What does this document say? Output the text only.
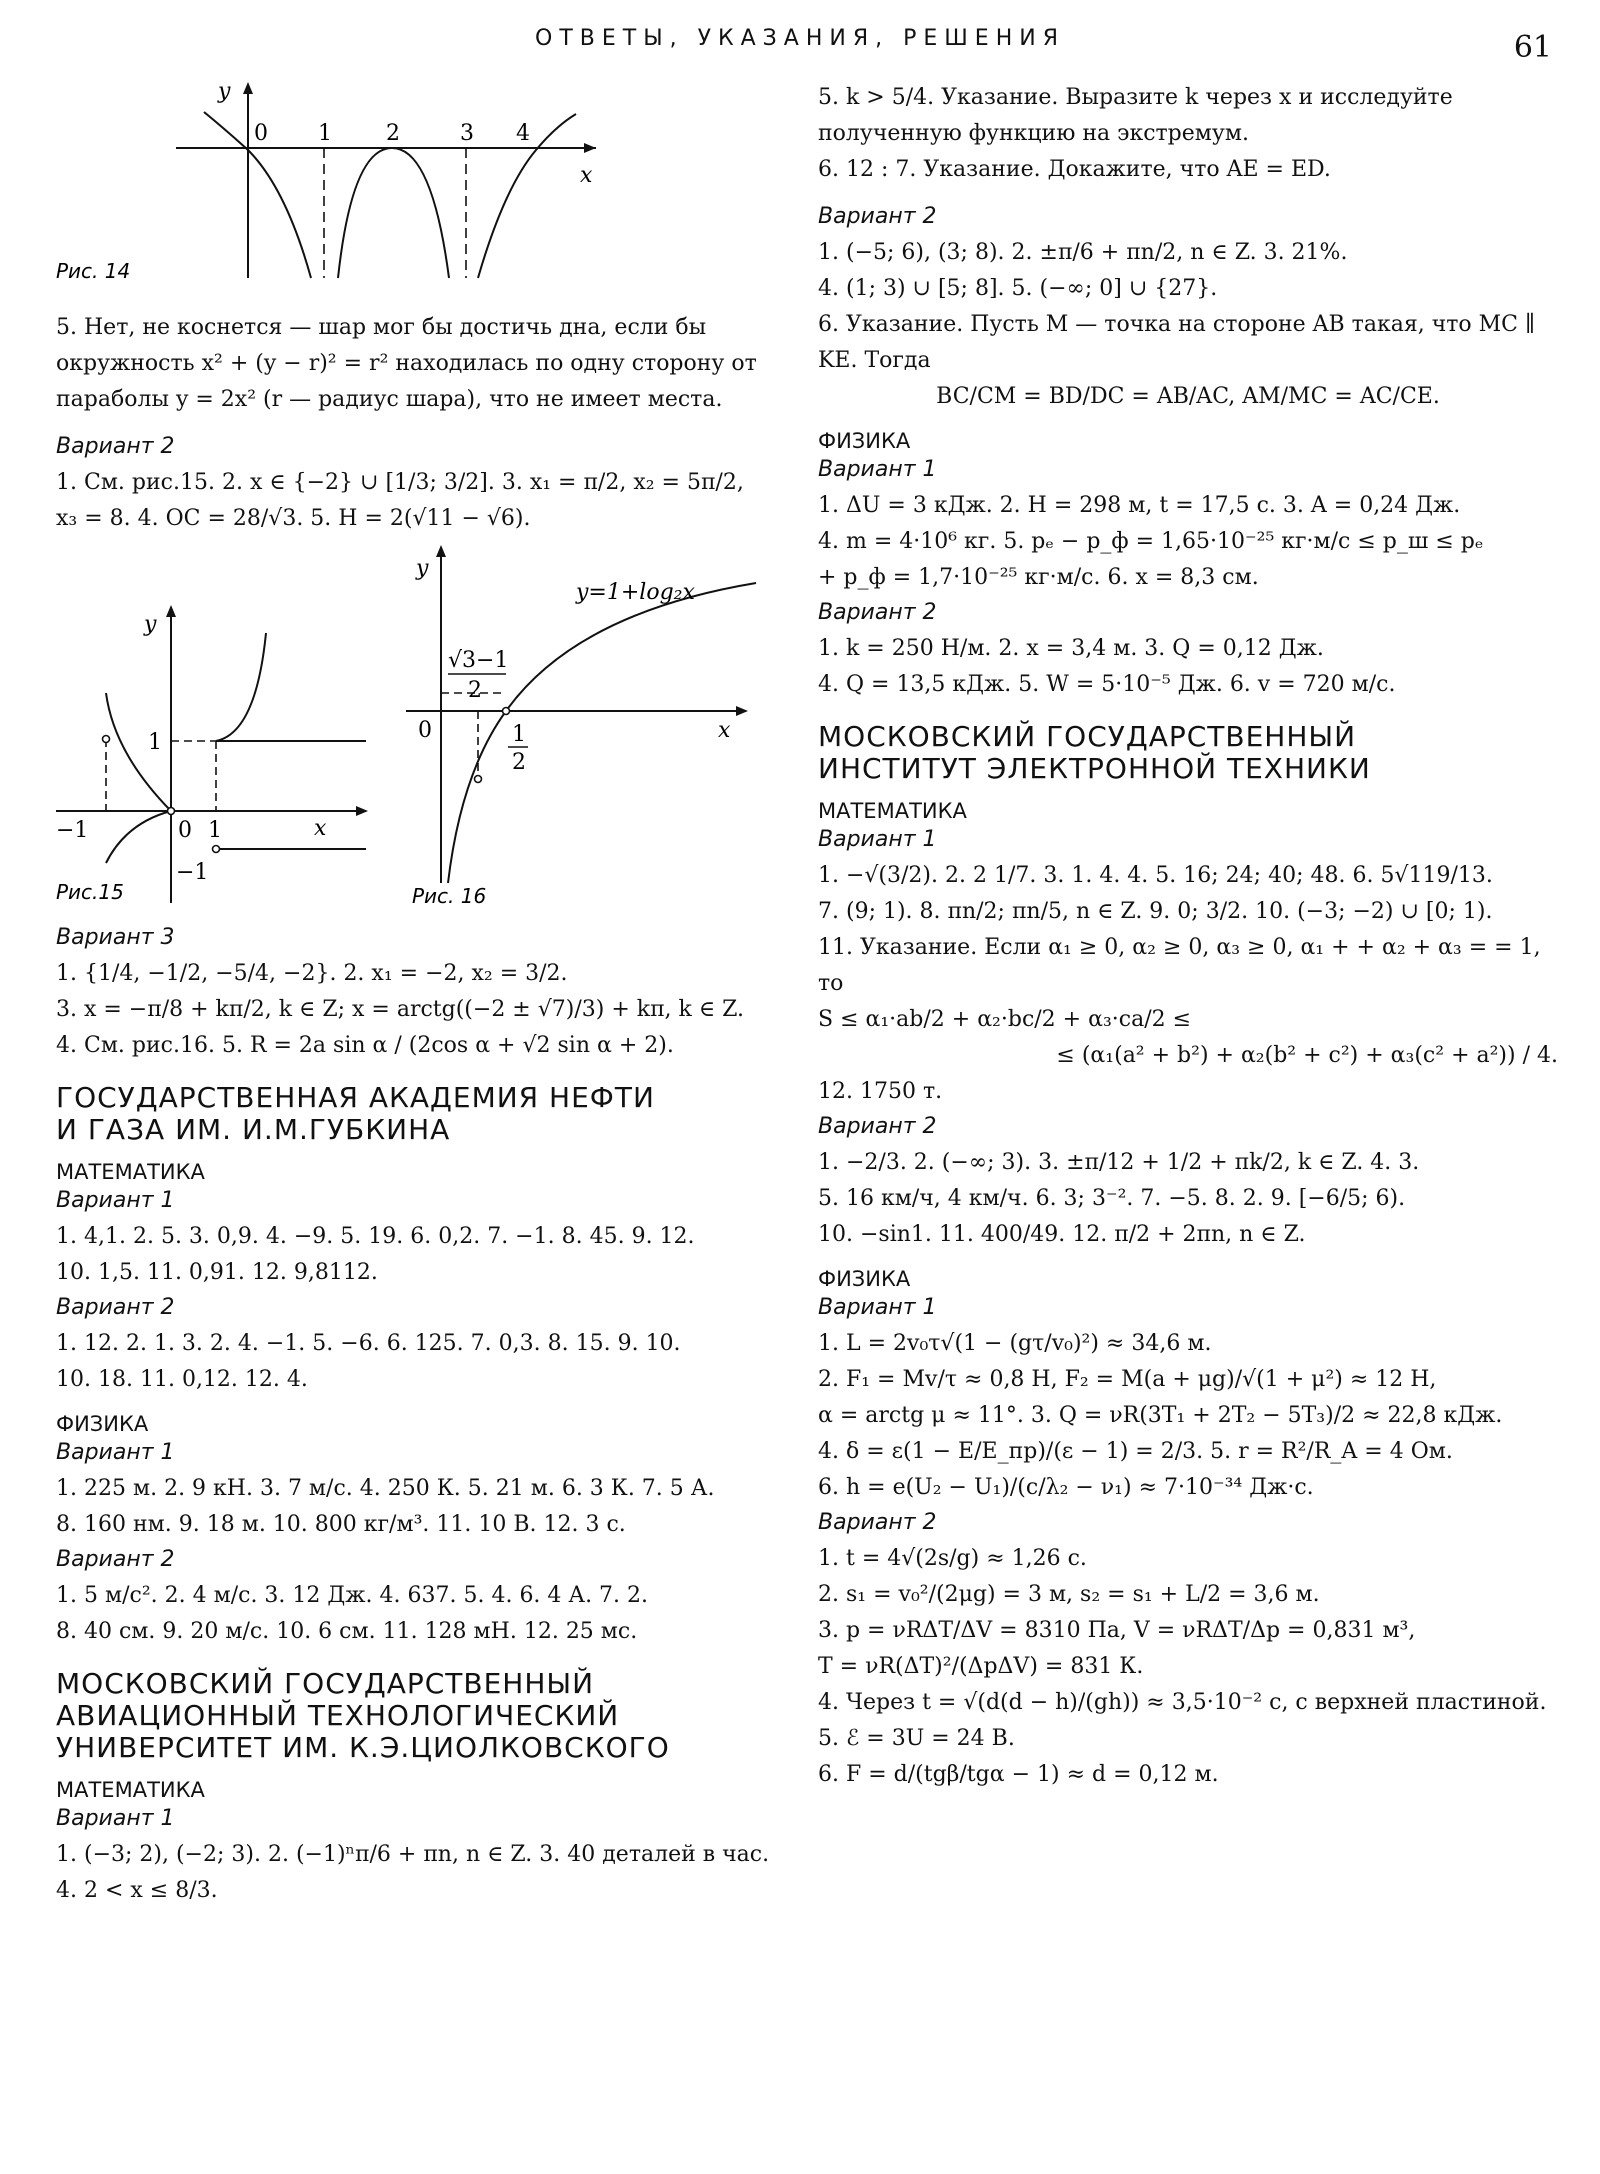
ОТВЕТЫ, УКАЗАНИЯ, РЕШЕНИЯ	61
y
x
0 1 2	3 4
Рис. 14

5. Нет, не коснется — шар мог бы достичь дна, если бы окружность x² + (y − r)² = r² находилась по одну сторону от параболы y = 2x² (r — радиус шара), что не имеет места.

Вариант 2

1. См. рис.15. 2. x ∈ {−2} ∪ [1/3; 3/2]. 3. x₁ = π/2, x₂ = 5π/2,

x₃ = 8. 4. OC = 28/√3. 5. H = 2(√11 − √6).

y
x
1
−1	0 1
−1
Рис.15
y
x
0
√3−1
2
1
2
y=1+log₂x
Рис. 16
Вариант 3

1. {1/4, −1/2, −5/4, −2}. 2. x₁ = −2, x₂ = 3/2.

3. x = −π/8 + kπ/2, k ∈ Z; x = arctg((−2 ± √7)/3) + kπ, k ∈ Z.

4. См. рис.16. 5. R = 2a sin α / (2cos α + √2 sin α + 2).

ГОСУДАРСТВЕННАЯ АКАДЕМИЯ НЕФТИ
И ГАЗА ИМ. И.М.ГУБКИНА
МАТЕМАТИКА
Вариант 1

1. 4,1. 2. 5. 3. 0,9. 4. −9. 5. 19. 6. 0,2. 7. −1. 8. 45. 9. 12.

10. 1,5. 11. 0,91. 12. 9,8112.

Вариант 2

1. 12. 2. 1. 3. 2. 4. −1. 5. −6. 6. 125. 7. 0,3. 8. 15. 9. 10.

10. 18. 11. 0,12. 12. 4.

ФИЗИКА
Вариант 1

1. 225 м. 2. 9 кН. 3. 7 м/с. 4. 250 К. 5. 21 м. 6. 3 К. 7. 5 А.

8. 160 нм. 9. 18 м. 10. 800 кг/м³. 11. 10 В. 12. 3 с.

Вариант 2

1. 5 м/с². 2. 4 м/с. 3. 12 Дж. 4. 637. 5. 4. 6. 4 А. 7. 2.

8. 40 см. 9. 20 м/с. 10. 6 см. 11. 128 мН. 12. 25 мс.

МОСКОВСКИЙ ГОСУДАРСТВЕННЫЙ
АВИАЦИОННЫЙ ТЕХНОЛОГИЧЕСКИЙ
УНИВЕРСИТЕТ ИМ. К.Э.ЦИОЛКОВСКОГО
МАТЕМАТИКА
Вариант 1

1. (−3; 2), (−2; 3). 2. (−1)ⁿπ/6 + πn, n ∈ Z. 3. 40 деталей в час.

4. 2 < x ≤ 8/3.

5. k > 5/4. Указание. Выразите k через x и исследуйте полученную функцию на экстремум.

6. 12 : 7. Указание. Докажите, что AE = ED.

Вариант 2

1. (−5; 6), (3; 8). 2. ±π/6 + πn/2, n ∈ Z. 3. 21%.

4. (1; 3) ∪ [5; 8]. 5. (−∞; 0] ∪ {27}.

6. Указание. Пусть M — точка на стороне AB такая, что MC ∥ KE. Тогда

BC/CM = BD/DC = AB/AC, AM/MC = AC/CE.

ФИЗИКА
Вариант 1

1. ΔU = 3 кДж. 2. H = 298 м, t = 17,5 с. 3. A = 0,24 Дж.

4. m = 4·10⁶ кг. 5. pₑ − p_ф = 1,65·10⁻²⁵ кг·м/с ≤ p_ш ≤ pₑ

+ p_ф = 1,7·10⁻²⁵ кг·м/с. 6. x = 8,3 см.

Вариант 2

1. k = 250 Н/м. 2. x = 3,4 м. 3. Q = 0,12 Дж.

4. Q = 13,5 кДж. 5. W = 5·10⁻⁵ Дж. 6. v = 720 м/с.

МОСКОВСКИЙ ГОСУДАРСТВЕННЫЙ
ИНСТИТУТ ЭЛЕКТРОННОЙ ТЕХНИКИ
МАТЕМАТИКА
Вариант 1

1. −√(3/2). 2. 2 1/7. 3. 1. 4. 4. 5. 16; 24; 40; 48. 6. 5√119/13.

7. (9; 1). 8. πn/2; πn/5, n ∈ Z. 9. 0; 3/2. 10. (−3; −2) ∪ [0; 1).

11. Указание. Если α₁ ≥ 0, α₂ ≥ 0, α₃ ≥ 0, α₁ + + α₂ + α₃ = = 1, то

S ≤ α₁·ab/2 + α₂·bc/2 + α₃·ca/2 ≤

≤ (α₁(a² + b²) + α₂(b² + c²) + α₃(c² + a²)) / 4.

12. 1750 т.

Вариант 2

1. −2/3. 2. (−∞; 3). 3. ±π/12 + 1/2 + πk/2, k ∈ Z. 4. 3.

5. 16 км/ч, 4 км/ч. 6. 3; 3⁻². 7. −5. 8. 2. 9. [−6/5; 6).

10. −sin1. 11. 400/49. 12. π/2 + 2πn, n ∈ Z.

ФИЗИКА
Вариант 1

1. L = 2v₀τ√(1 − (gτ/v₀)²) ≈ 34,6 м.

2. F₁ = Mv/τ ≈ 0,8 Н, F₂ = M(a + μg)/√(1 + μ²) ≈ 12 Н,

α = arctg μ ≈ 11°. 3. Q = νR(3T₁ + 2T₂ − 5T₃)/2 ≈ 22,8 кДж.

4. δ = ε(1 − E/E_пр)/(ε − 1) = 2/3. 5. r = R²/R_A = 4 Ом.

6. h = e(U₂ − U₁)/(c/λ₂ − ν₁) ≈ 7·10⁻³⁴ Дж·с.

Вариант 2

1. t = 4√(2s/g) ≈ 1,26 с.

2. s₁ = v₀²/(2μg) = 3 м, s₂ = s₁ + L/2 = 3,6 м.

3. p = νRΔT/ΔV = 8310 Па, V = νRΔT/Δp = 0,831 м³,

T = νR(ΔT)²/(ΔpΔV) = 831 К.

4. Через t = √(d(d − h)/(gh)) ≈ 3,5·10⁻² с, с верхней пластиной.

5. ℰ = 3U = 24 В.

6. F = d/(tgβ/tgα − 1) ≈ d = 0,12 м.
